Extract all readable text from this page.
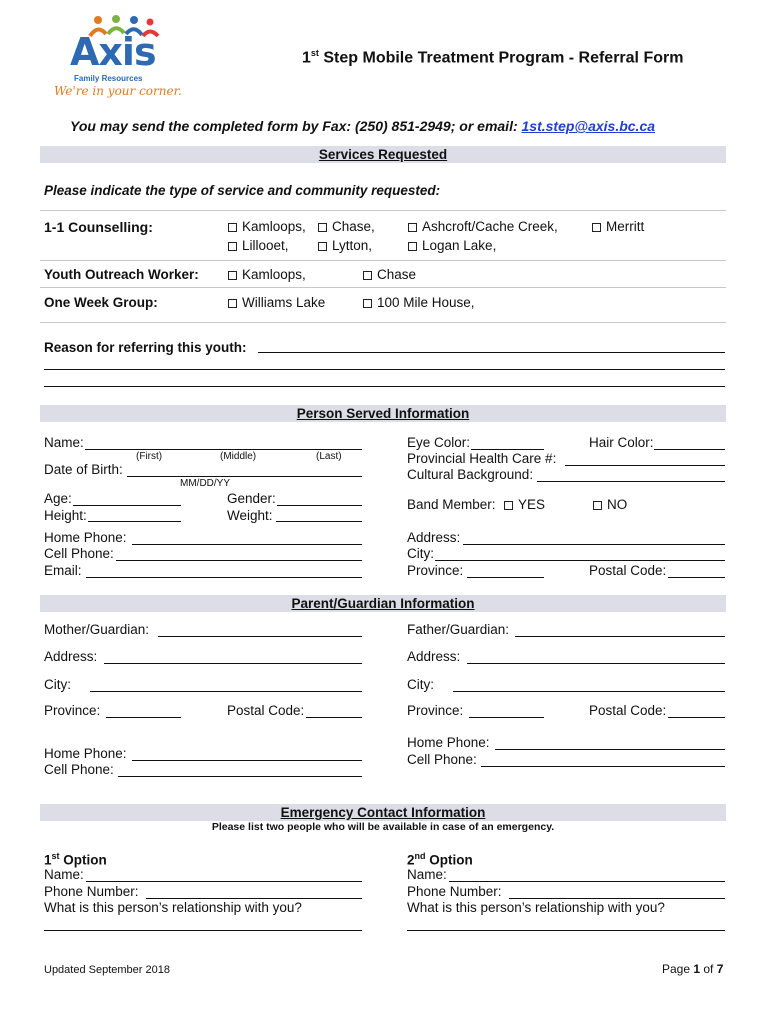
Axis
Family Resources
We're in your corner.
1st Step Mobile Treatment Program - Referral Form
You may send the completed form by Fax: (250) 851-2949; or email: 1st.step@axis.bc.ca
Services Requested
Please indicate the type of service and community requested:
1-1 Counselling:	Kamloops,	Chase,	Ashcroft/Cache Creek,	Merritt
Lillooet,	Lytton,	Logan Lake,
Youth Outreach Worker:	Kamloops,	Chase
One Week Group:	Williams Lake	100 Mile House,
Reason for referring this youth:
Person Served Information
Name:
(First)	(Middle)	(Last)
Date of Birth:
MM/DD/YY
Age:	Gender:
Height:	Weight:
Home Phone:
Cell Phone:
Email:
Eye Color:	Hair Color:
Provincial Health Care #:
Cultural Background:
Band Member:	YES	NO
Address:
City:
Province:	Postal Code:
Parent/Guardian Information
Mother/Guardian:	Father/Guardian:
Address:	Address:
City:	City:
Province:	Postal Code:	Province:	Postal Code:
Home Phone:
Cell Phone:
Home Phone:
Cell Phone:
Emergency Contact Information
Please list two people who will be available in case of an emergency.
1st Option
Name:
Phone Number:
What is this person’s relationship with you?
2nd Option
Name:
Phone Number:
What is this person’s relationship with you?
Updated September 2018	Page 1 of 7
